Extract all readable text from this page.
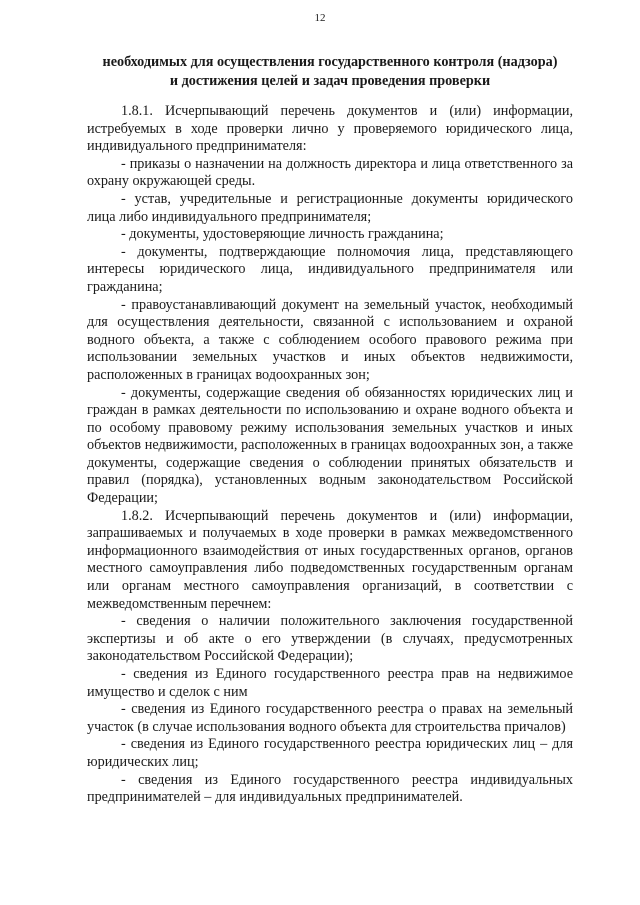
12
необходимых для осуществления государственного контроля (надзора)
и достижения целей и задач проведения проверки

1.8.1. Исчерпывающий перечень документов и (или) информации, истребуемых в ходе проверки лично у проверяемого юридического лица, индивидуального предпринимателя:

- приказы о назначении на должность директора и лица ответственного за охрану окружающей среды.

- устав, учредительные и регистрационные документы юридического лица либо индивидуального предпринимателя;

- документы, удостоверяющие личность гражданина;

- документы, подтверждающие полномочия лица, представляющего интересы юридического лица, индивидуального предпринимателя или гражданина;

- правоустанавливающий документ на земельный участок, необходимый для осуществления деятельности, связанной с использованием и охраной водного объекта, а также с соблюдением особого правового режима при использовании земельных участков и иных объектов недвижимости, расположенных в границах водоохранных зон;

- документы, содержащие сведения об обязанностях юридических лиц и граждан в рамках деятельности по использованию и охране водного объекта и по особому правовому режиму использования земельных участков и иных объектов недвижимости, расположенных в границах водоохранных зон, а также документы, содержащие сведения о соблюдении принятых обязательств и правил (порядка), установленных водным законодательством Российской Федерации;

1.8.2. Исчерпывающий перечень документов и (или) информации, запрашиваемых и получаемых в ходе проверки в рамках межведомственного информационного взаимодействия от иных государственных органов, органов местного самоуправления либо подведомственных государственным органам или органам местного самоуправления организаций, в соответствии с межведомственным перечнем:

- сведения о наличии положительного заключения государственной экспертизы и об акте о его утверждении (в случаях, предусмотренных законодательством Российской Федерации);

- сведения из Единого государственного реестра прав на недвижимое имущество и сделок с ним

- сведения из Единого государственного реестра о правах на земельный участок (в случае использования водного объекта для строительства причалов)

- сведения из Единого государственного реестра юридических лиц – для юридических лиц;

- сведения из Единого государственного реестра индивидуальных предпринимателей – для индивидуальных предпринимателей.
